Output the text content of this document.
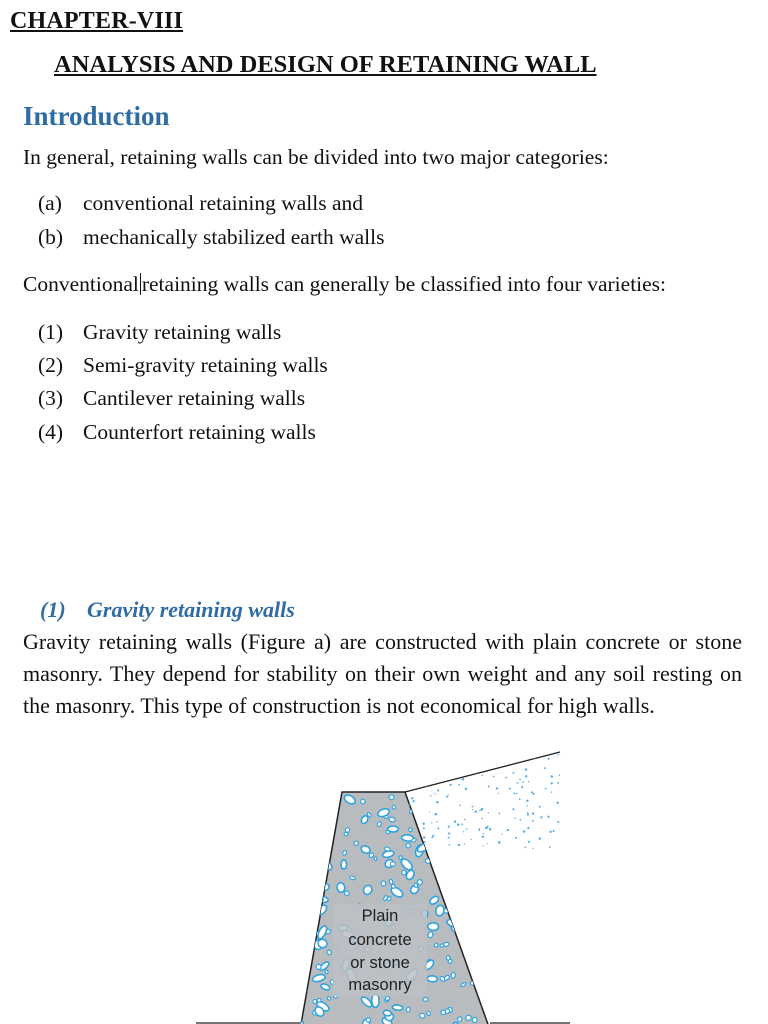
CHAPTER-VIII
ANALYSIS AND DESIGN OF RETAINING WALL
Introduction
In general, retaining walls can be divided into two major categories:
(a) conventional retaining walls and
(b) mechanically stabilized earth walls
Conventional retaining walls can generally be classified into four varieties:
(1) Gravity retaining walls
(2) Semi-gravity retaining walls
(3) Cantilever retaining walls
(4) Counterfort retaining walls
(1) Gravity retaining walls
Gravity retaining walls (Figure a) are constructed with plain concrete or stone masonry. They depend for stability on their own weight and any soil resting on the masonry. This type of construction is not economical for high walls.
Plain
concrete
or stone
masonry
